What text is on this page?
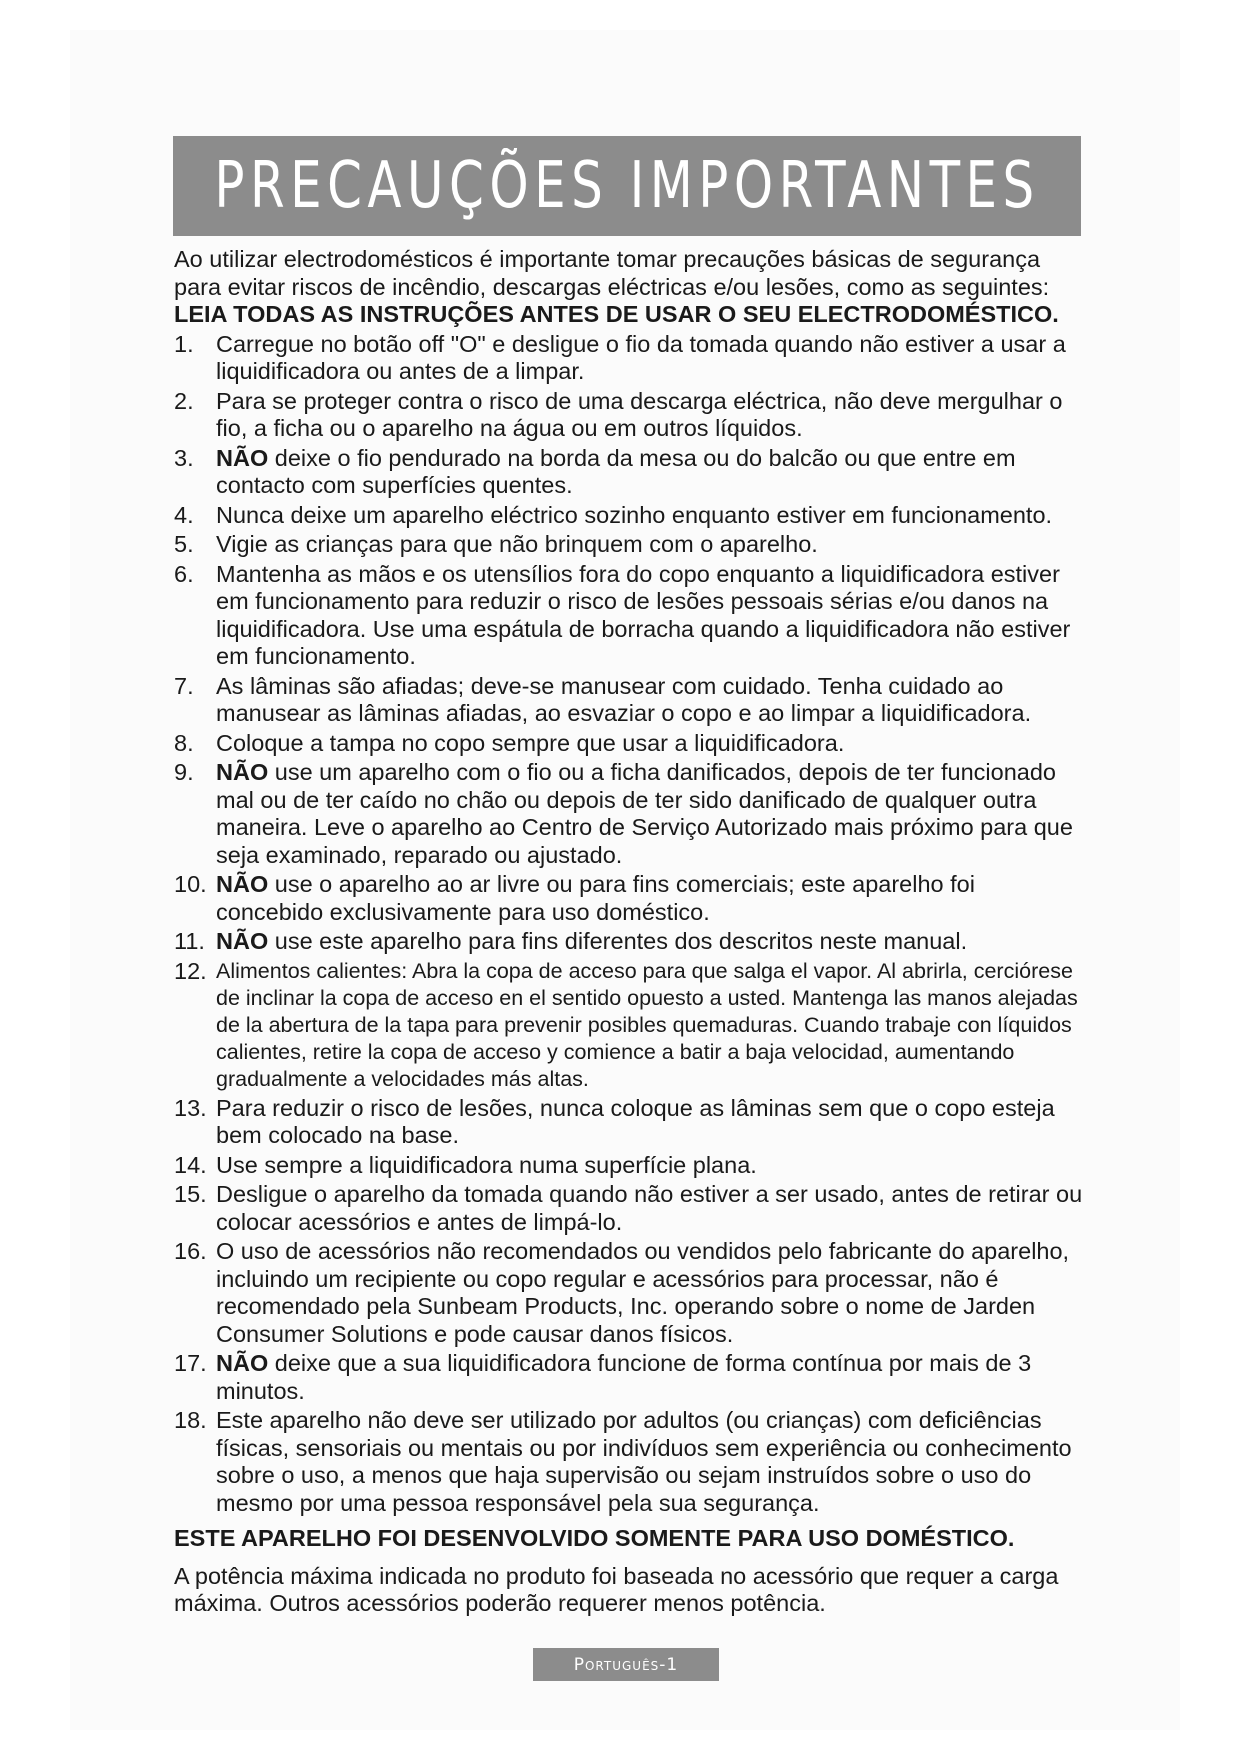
PRECAUÇÕES IMPORTANTES

Ao utilizar electrodomésticos é importante tomar precauções básicas de segurança para evitar riscos de incêndio, descargas eléctricas e/ou lesões, como as seguintes:

LEIA TODAS AS INSTRUÇÕES ANTES DE USAR O SEU ELECTRODOMÉSTICO.

1. Carregue no botão off "O" e desligue o fio da tomada quando não estiver a usar a liquidificadora ou antes de a limpar.
2. Para se proteger contra o risco de uma descarga eléctrica, não deve mergulhar o fio, a ficha ou o aparelho na água ou em outros líquidos.
3. NÃO deixe o fio pendurado na borda da mesa ou do balcão ou que entre em contacto com superfícies quentes.
4. Nunca deixe um aparelho eléctrico sozinho enquanto estiver em funcionamento.
5. Vigie as crianças para que não brinquem com o aparelho.
6. Mantenha as mãos e os utensílios fora do copo enquanto a liquidificadora estiver em funcionamento para reduzir o risco de lesões pessoais sérias e/ou danos na liquidificadora. Use uma espátula de borracha quando a liquidificadora não estiver em funcionamento.
7. As lâminas são afiadas; deve-se manusear com cuidado. Tenha cuidado ao manusear as lâminas afiadas, ao esvaziar o copo e ao limpar a liquidificadora.
8. Coloque a tampa no copo sempre que usar a liquidificadora.
9. NÃO use um aparelho com o fio ou a ficha danificados, depois de ter funcionado mal ou de ter caído no chão ou depois de ter sido danificado de qualquer outra maneira. Leve o aparelho ao Centro de Serviço Autorizado mais próximo para que seja examinado, reparado ou ajustado.
10. NÃO use o aparelho ao ar livre ou para fins comerciais; este aparelho foi concebido exclusivamente para uso doméstico.
11. NÃO use este aparelho para fins diferentes dos descritos neste manual.
12. Alimentos calientes: Abra la copa de acceso para que salga el vapor. Al abrirla, cerciórese de inclinar la copa de acceso en el sentido opuesto a usted. Mantenga las manos alejadas de la abertura de la tapa para prevenir posibles quemaduras. Cuando trabaje con líquidos calientes, retire la copa de acceso y comience a batir a baja velocidad, aumentando gradualmente a velocidades más altas.
13. Para reduzir o risco de lesões, nunca coloque as lâminas sem que o copo esteja bem colocado na base.
14. Use sempre a liquidificadora numa superfície plana.
15. Desligue o aparelho da tomada quando não estiver a ser usado, antes de retirar ou colocar acessórios e antes de limpá-lo.
16. O uso de acessórios não recomendados ou vendidos pelo fabricante do aparelho, incluindo um recipiente ou copo regular e acessórios para processar, não é recomendado pela Sunbeam Products, Inc. operando sobre o nome de Jarden Consumer Solutions e pode causar danos físicos.
17. NÃO deixe que a sua liquidificadora funcione de forma contínua por mais de 3 minutos.
18. Este aparelho não deve ser utilizado por adultos (ou crianças) com deficiências físicas, sensoriais ou mentais ou por indivíduos sem experiência ou conhecimento sobre o uso, a menos que haja supervisão ou sejam instruídos sobre o uso do mesmo por uma pessoa responsável pela sua segurança.

ESTE APARELHO FOI DESENVOLVIDO SOMENTE PARA USO DOMÉSTICO.

A potência máxima indicada no produto foi baseada no acessório que requer a carga máxima. Outros acessórios poderão requerer menos potência.

Português-1
